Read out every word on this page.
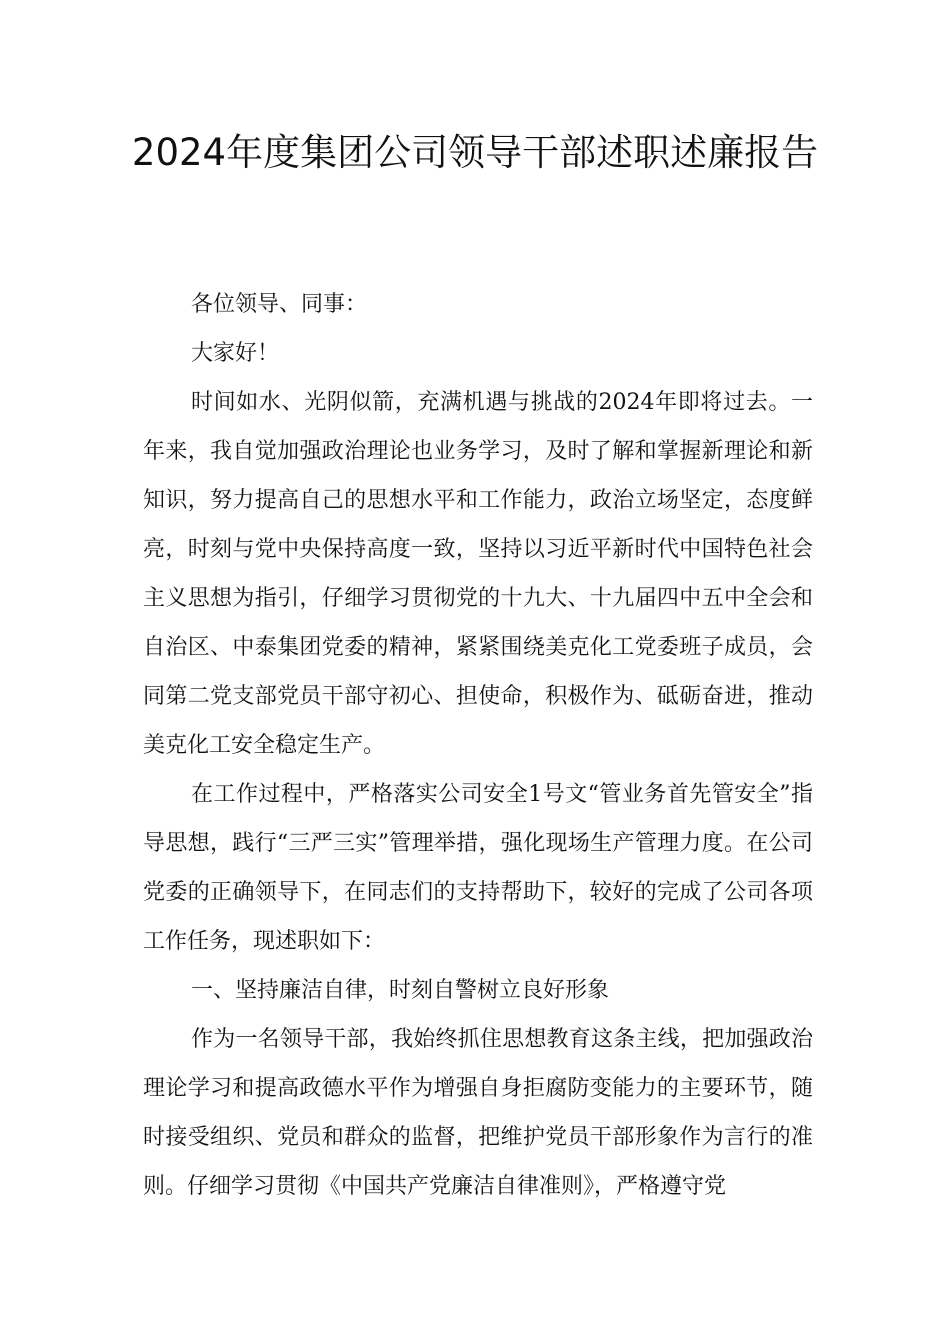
2024年度集团公司领导干部述职述廉报告

各位领导、同事：

大家好！

时间如水、光阴似箭，充满机遇与挑战的2024年即将过去。一年来，我自觉加强政治理论也业务学习，及时了解和掌握新理论和新知识，努力提高自己的思想水平和工作能力，政治立场坚定，态度鲜亮，时刻与党中央保持高度一致，坚持以习近平新时代中国特色社会主义思想为指引，仔细学习贯彻党的十九大、十九届四中五中全会和自治区、中泰集团党委的精神，紧紧围绕美克化工党委班子成员，会同第二党支部党员干部守初心、担使命，积极作为、砥砺奋进，推动美克化工安全稳定生产。

在工作过程中，严格落实公司安全1号文“管业务首先管安全”指导思想，践行“三严三实”管理举措，强化现场生产管理力度。在公司党委的正确领导下，在同志们的支持帮助下，较好的完成了公司各项工作任务，现述职如下：

一、坚持廉洁自律，时刻自警树立良好形象

作为一名领导干部，我始终抓住思想教育这条主线，把加强政治理论学习和提高政德水平作为增强自身拒腐防变能力的主要环节，随时接受组织、党员和群众的监督，把维护党员干部形象作为言行的准则。仔细学习贯彻《中国共产党廉洁自律准则》，严格遵守党
